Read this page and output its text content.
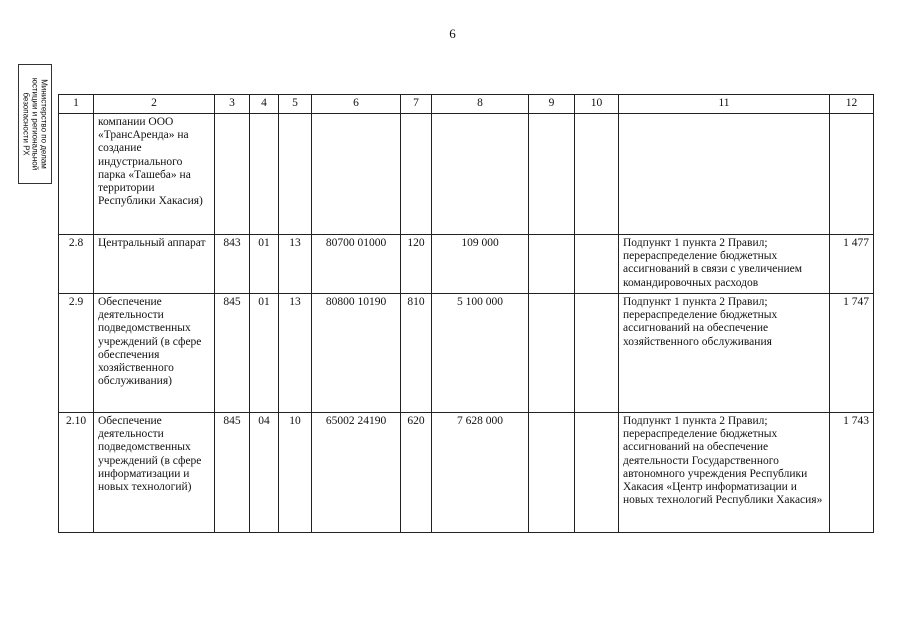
6
Министерство по делам
юстиции и региональной
безопасности РХ	1	2	3	4	5	6	7	8	9	10	11	12
	компании ООО «ТрансАренда» на создание индустриального парка «Ташеба» на территории Республики Хакасия)										
2.8	Центральный аппарат	843	01	13	80700 01000	120	109 000			Подпункт 1 пункта 2 Правил; перераспределение бюджетных ассигнований в связи с увеличением командировочных расходов	1 477
2.9	Обеспечение деятельности подведомственных учреждений (в сфере обеспечения хозяйственного обслуживания)	845	01	13	80800 10190	810	5 100 000			Подпункт 1 пункта 2 Правил; перераспределение бюджетных ассигнований на обеспечение хозяйственного обслуживания	1 747
2.10	Обеспечение деятельности подведомственных учреждений (в сфере информатизации и новых технологий)	845	04	10	65002 24190	620	7 628 000			Подпункт 1 пункта 2 Правил; перераспределение бюджетных ассигнований на обеспечение деятельности Государственного автономного учреждения Республики Хакасия «Центр информатизации и новых технологий Республики Хакасия»	1 743
